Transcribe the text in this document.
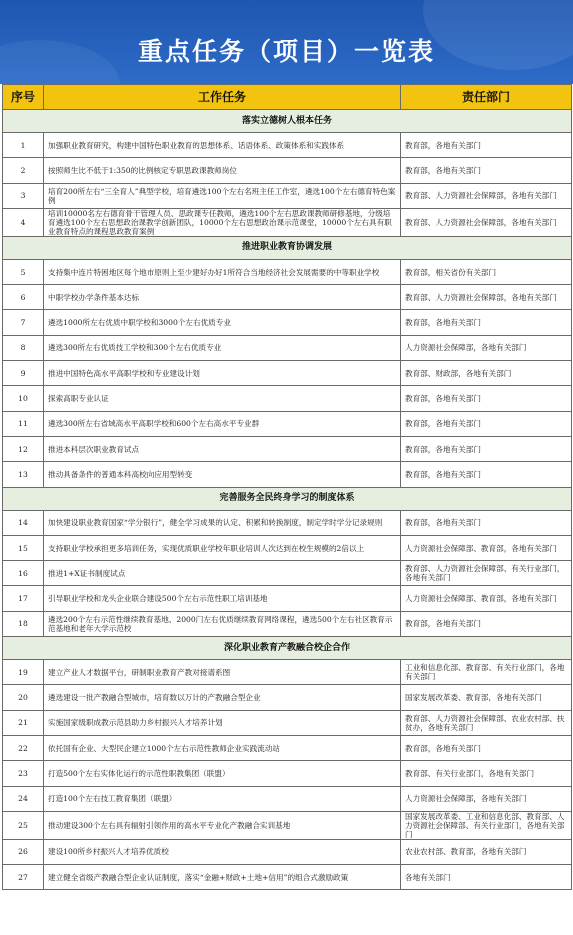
重点任务（项目）一览表
序号	工作任务	责任部门
落实立德树人根本任务		
1	加强职业教育研究，构建中国特色职业教育的思想体系、话语体系、政策体系和实践体系	教育部，各地有关部门
2	按照师生比不低于1:350的比例核定专职思政课教师岗位	教育部，各地有关部门
3	培育200所左右“三全育人”典型学校，培育遴选100个左右名班主任工作室，遴选100个左右德育特色案例	教育部、人力资源社会保障部，各地有关部门
4	培训10000名左右德育骨干管理人员、思政课专任教师，遴选100个左右思政课教师研修基地，分级培育遴选100个左右思想政治课教学创新团队，10000个左右思想政治课示范课堂，10000个左右具有职业教育特点的课程思政教育案例	教育部、人力资源社会保障部，各地有关部门
推进职业教育协调发展		
5	支持集中连片特困地区每个地市原则上至少建好办好1所符合当地经济社会发展需要的中等职业学校	教育部，相关省份有关部门
6	中职学校办学条件基本达标	教育部、人力资源社会保障部，各地有关部门
7	遴选1000所左右优质中职学校和3000个左右优质专业	教育部，各地有关部门
8	遴选300所左右优质技工学校和300个左右优质专业	人力资源社会保障部，各地有关部门
9	推进中国特色高水平高职学校和专业建设计划	教育部、财政部，各地有关部门
10	探索高职专业认证	教育部，各地有关部门
11	遴选300所左右省域高水平高职学校和600个左右高水平专业群	教育部，各地有关部门
12	推进本科层次职业教育试点	教育部，各地有关部门
13	推动具备条件的普通本科高校向应用型转变	教育部，各地有关部门
完善服务全民终身学习的制度体系		
14	加快建设职业教育国家“学分银行”，健全学习成果的认定、积累和转换制度，制定学时学分记录规则	教育部，各地有关部门
15	支持职业学校承担更多培训任务，实现优质职业学校年职业培训人次达到在校生规模的2倍以上	人力资源社会保障部、教育部，各地有关部门
16	推进1+X证书制度试点	教育部、人力资源社会保障部、有关行业部门，各地有关部门
17	引导职业学校和龙头企业联合建设500个左右示范性职工培训基地	人力资源社会保障部、教育部，各地有关部门
18	遴选200个左右示范性继续教育基地、2000门左右优质继续教育网络课程，遴选500个左右社区教育示范基地和老年大学示范校	教育部，各地有关部门
深化职业教育产教融合校企合作		
19	建立产业人才数据平台，研制职业教育产教对接谱系图	工业和信息化部、教育部、有关行业部门，各地有关部门
20	遴选建设一批产教融合型城市，培育数以万计的产教融合型企业	国家发展改革委、教育部，各地有关部门
21	实施国家级职成教示范县助力乡村振兴人才培养计划	教育部、人力资源社会保障部、农业农村部、扶贫办，各地有关部门
22	依托国有企业、大型民企建立1000个左右示范性教师企业实践流动站	教育部，各地有关部门
23	打造500个左右实体化运行的示范性职教集团（联盟）	教育部、有关行业部门，各地有关部门
24	打造100个左右技工教育集团（联盟）	人力资源社会保障部，各地有关部门
25	推动建设300个左右具有辐射引领作用的高水平专业化产教融合实训基地	国家发展改革委、工业和信息化部、教育部、人力资源社会保障部、有关行业部门，各地有关部门
26	建设100所乡村振兴人才培养优质校	农业农村部、教育部，各地有关部门
27	建立健全省级产教融合型企业认证制度，落实“金融+财政+土地+信用”的组合式激励政策	各地有关部门
